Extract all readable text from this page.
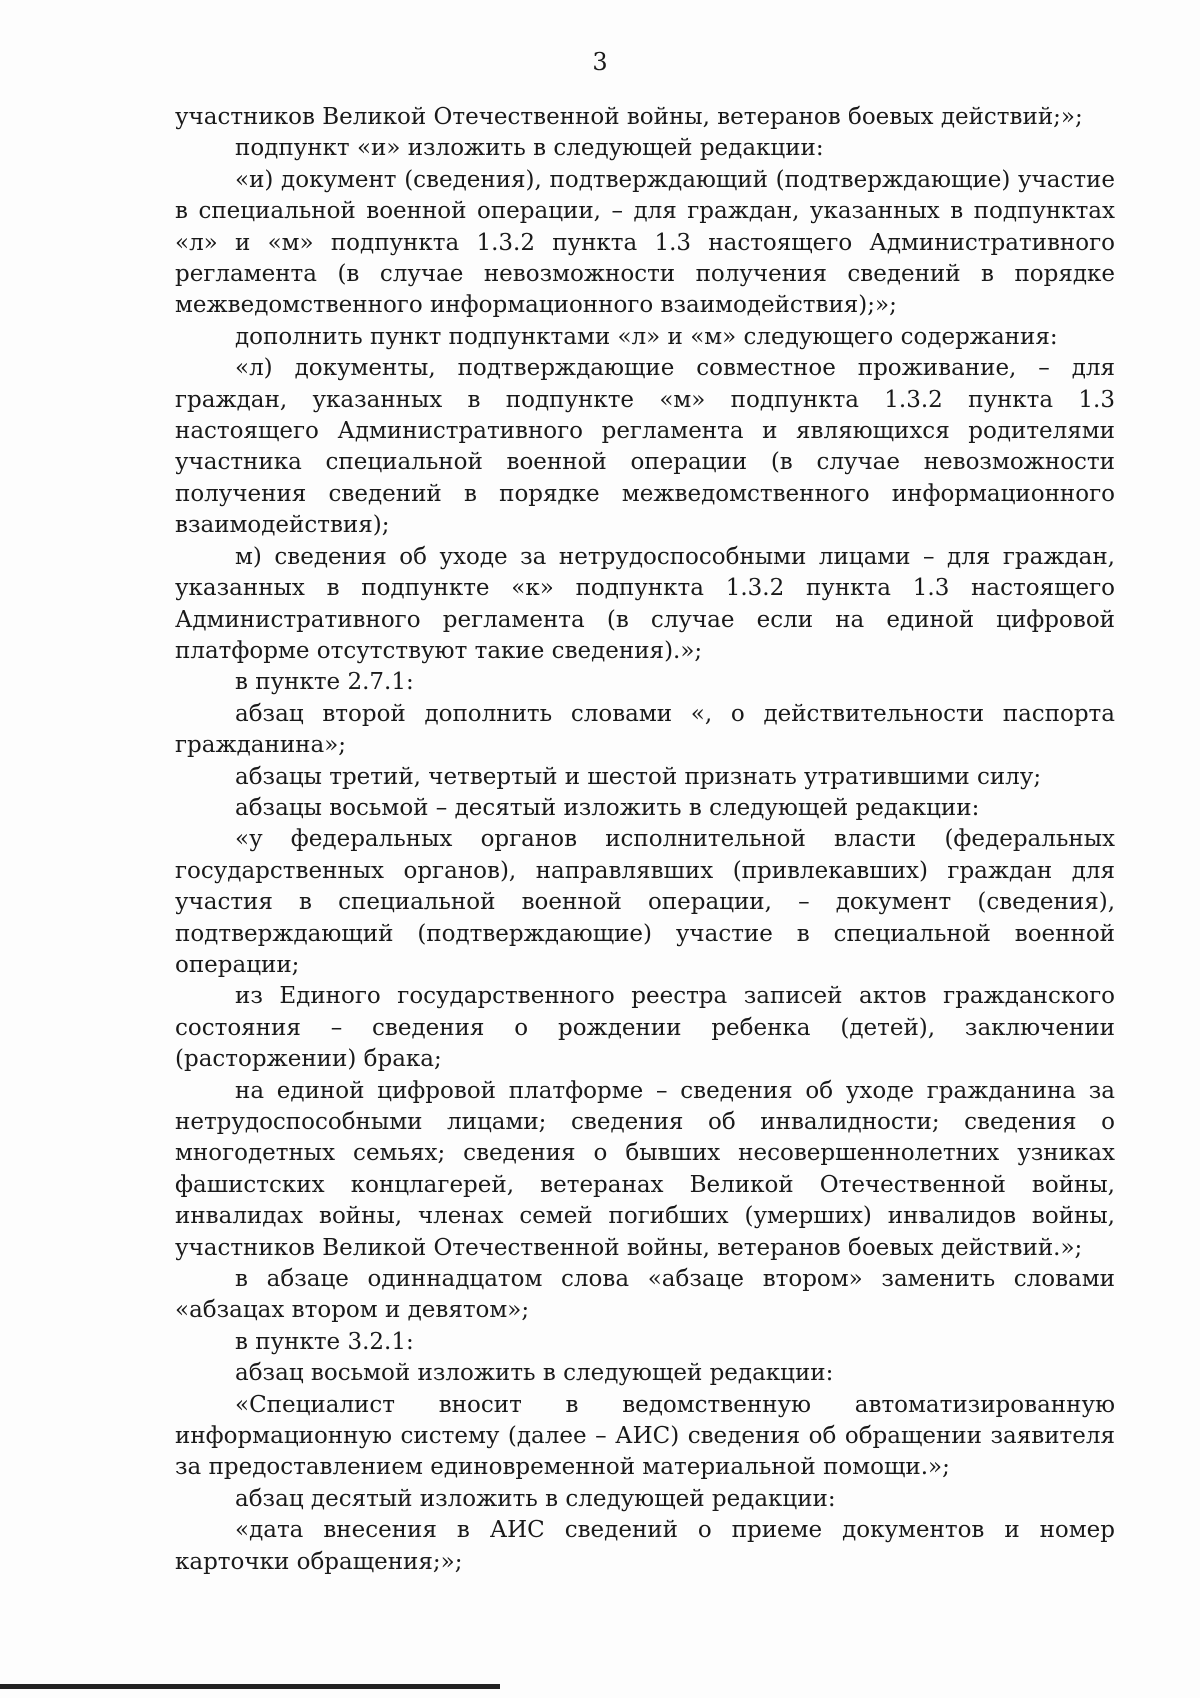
3

участников Великой Отечественной войны, ветеранов боевых действий;»;

подпункт «и» изложить в следующей редакции:

«и) документ (сведения), подтверждающий (подтверждающие) участие в специальной военной операции, – для граждан, указанных в подпунктах «л» и «м» подпункта 1.3.2 пункта 1.3 настоящего Административного регламента (в случае невозможности получения сведений в порядке межведомственного информационного взаимодействия);»;

дополнить пункт подпунктами «л» и «м» следующего содержания:

«л) документы, подтверждающие совместное проживание, – для граждан, указанных в подпункте «м» подпункта 1.3.2 пункта 1.3 настоящего Административного регламента и являющихся родителями участника специальной военной операции (в случае невозможности получения сведений в порядке межведомственного информационного взаимодействия);

м) сведения об уходе за нетрудоспособными лицами – для граждан, указанных в подпункте «к» подпункта 1.3.2 пункта 1.3 настоящего Административного регламента (в случае если на единой цифровой платформе отсутствуют такие сведения).»;

в пункте 2.7.1:

абзац второй дополнить словами «, о действительности паспорта гражданина»;

абзацы третий, четвертый и шестой признать утратившими силу;

абзацы восьмой – десятый изложить в следующей редакции:

«у федеральных органов исполнительной власти (федеральных государственных органов), направлявших (привлекавших) граждан для участия в специальной военной операции, – документ (сведения), подтверждающий (подтверждающие) участие в специальной военной операции;

из Единого государственного реестра записей актов гражданского состояния – сведения о рождении ребенка (детей), заключении (расторжении) брака;

на единой цифровой платформе – сведения об уходе гражданина за нетрудоспособными лицами; сведения об инвалидности; сведения о многодетных семьях; сведения о бывших несовершеннолетних узниках фашистских концлагерей, ветеранах Великой Отечественной войны, инвалидах войны, членах семей погибших (умерших) инвалидов войны, участников Великой Отечественной войны, ветеранов боевых действий.»;

в абзаце одиннадцатом слова «абзаце втором» заменить словами «абзацах втором и девятом»;

в пункте 3.2.1:

абзац восьмой изложить в следующей редакции:

«Специалист вносит в ведомственную автоматизированную информационную систему (далее – АИС) сведения об обращении заявителя за предоставлением единовременной материальной помощи.»;

абзац десятый изложить в следующей редакции:

«дата внесения в АИС сведений о приеме документов и номер карточки обращения;»;
